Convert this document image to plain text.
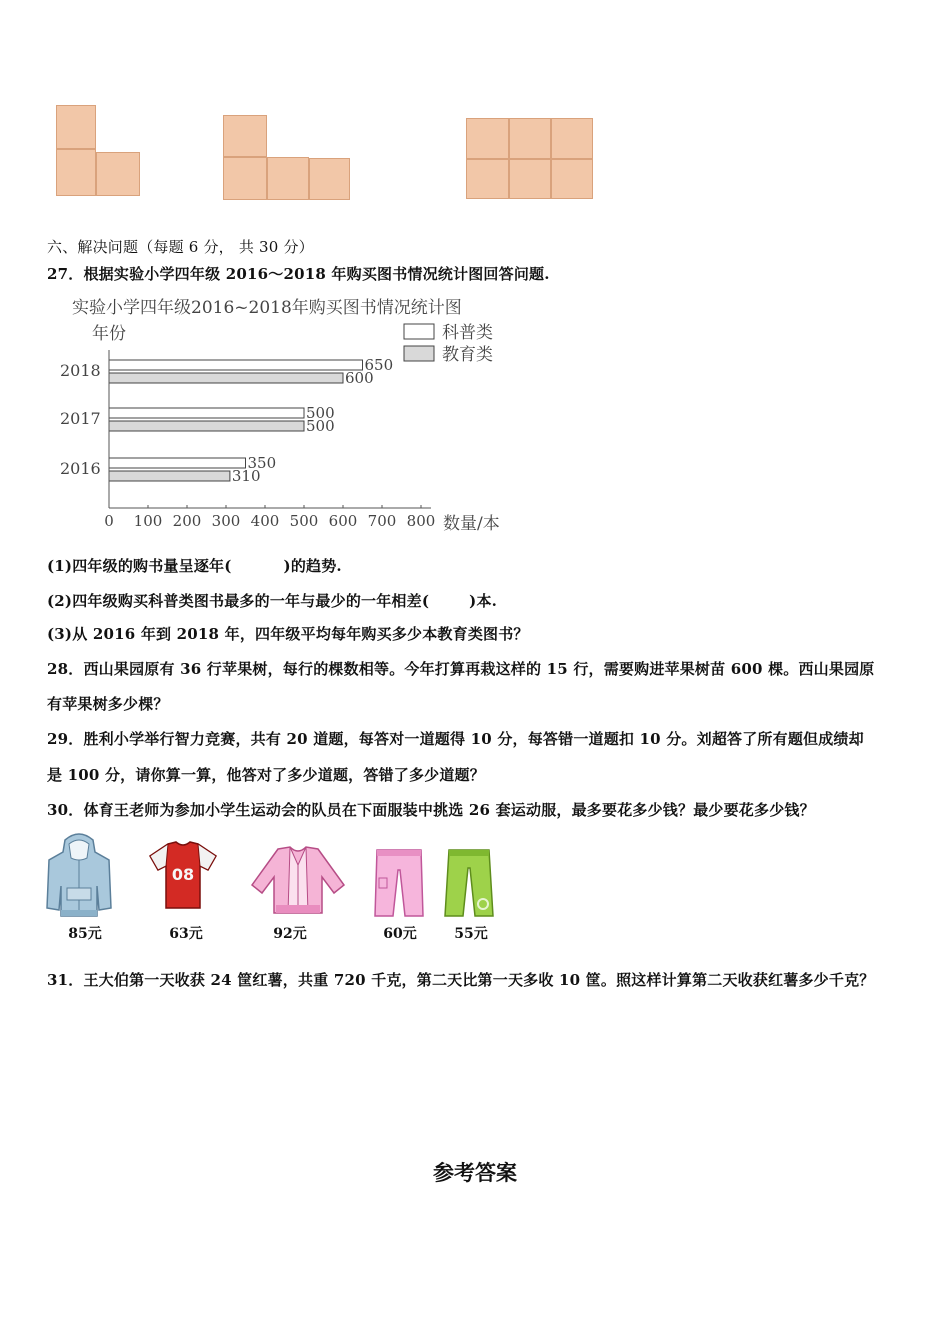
六、解决问题（每题 6 分， 共 30 分）
27．根据实验小学四年级 2016～2018 年购买图书情况统计图回答问题.
实验小学四年级2016~2018年购买图书情况统计图
年份	科普类
教育类
2018	650
600
2017	500
500
2016	350
310
0 100 200 300 400 500 600 700 800 数量/本
(1)四年级的购书量呈逐年(	)的趋势.
(2)四年级购买科普类图书最多的一年与最少的一年相差(	)本.
(3)从 2016 年到 2018 年，四年级平均每年购买多少本教育类图书？
28．西山果园原有 36 行苹果树，每行的棵数相等。今年打算再栽这样的 15 行，需要购进苹果树苗 600 棵。西山果园原
有苹果树多少棵？
29．胜利小学举行智力竞赛，共有 20 道题，每答对一道题得 10 分，每答错一道题扣 10 分。刘超答了所有题但成绩却
是 100 分，请你算一算，他答对了多少道题，答错了多少道题？
30．体育王老师为参加小学生运动会的队员在下面服装中挑选 26 套运动服，最多要花多少钱？最少要花多少钱？
85元
08
63元	92元	60元	55元
31．王大伯第一天收获 24 筐红薯，共重 720 千克，第二天比第一天多收 10 筐。照这样计算第二天收获红薯多少千克？
参考答案
